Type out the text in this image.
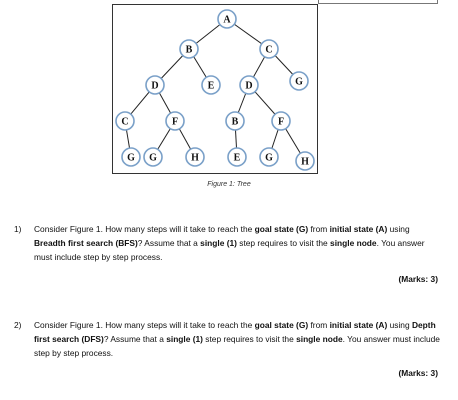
A
B	C
D	E	D	G
C	F	B	F
G G	H	E G	H
Figure 1: Tree
1) Consider Figure 1. How many steps will it take to reach the goal state (G) from initial state (A) using Breadth first search (BFS)? Assume that a single (1) step requires to visit the single node. You answer must include step by step process.
(Marks: 3)
2) Consider Figure 1. How many steps will it take to reach the goal state (G) from initial state (A) using Depth first search (DFS)? Assume that a single (1) step requires to visit the single node. You answer must include step by step process.
(Marks: 3)
